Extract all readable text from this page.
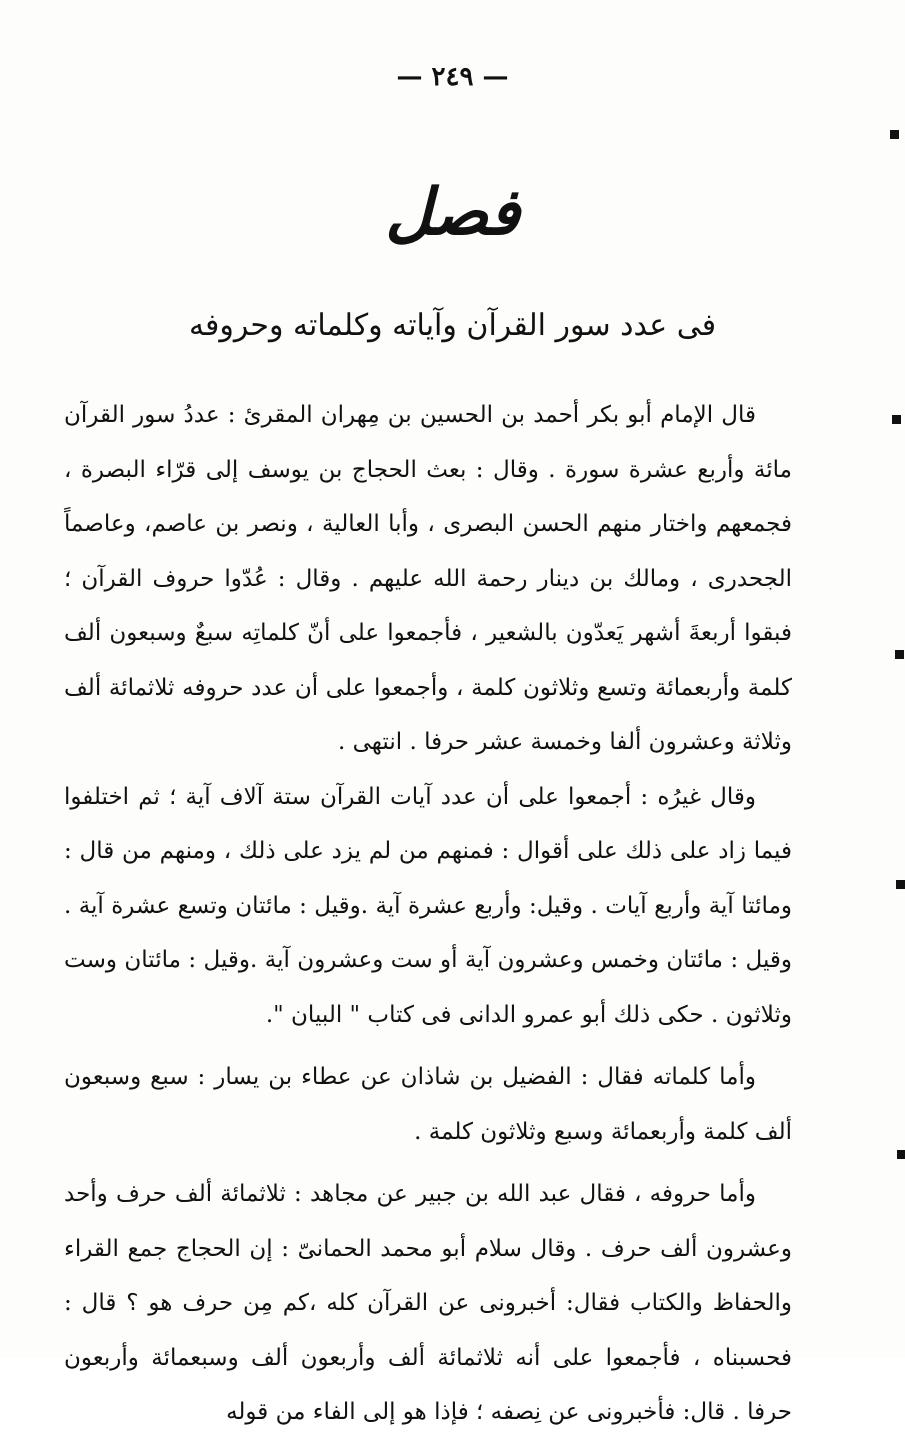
— ٢٤٩ —
فصل
فى عدد سور القرآن وآياته وكلماته وحروفه

قال الإمام أبو بكر أحمد بن الحسين بن مِهران المقرئ : عددُ سور القرآن مائة وأربع عشرة سورة . وقال : بعث الحجاج بن يوسف إلى قرّاء البصرة ، فجمعهم واختار منهم الحسن البصرى ، وأبا العالية ، ونصر بن عاصم، وعاصماً الجحدرى ، ومالك بن دينار رحمة الله عليهم . وقال : عُدّوا حروف القرآن ؛ فبقوا أربعةَ أشهر يَعدّون بالشعير ، فأجمعوا على أنّ كلماتِه سبعٌ وسبعون ألف كلمة وأربعمائة وتسع وثلاثون كلمة ، وأجمعوا على أن عدد حروفه ثلاثمائة ألف وثلاثة وعشرون ألفا وخمسة عشر حرفا . انتهى .

وقال غيرُه : أجمعوا على أن عدد آيات القرآن ستة آلاف آية ؛ ثم اختلفوا فيما زاد على ذلك على أقوال : فمنهم من لم يزد على ذلك ، ومنهم من قال : ومائتا آية وأربع آيات . وقيل: وأربع عشرة آية .وقيل : مائتان وتسع عشرة آية . وقيل : مائتان وخمس وعشرون آية أو ست وعشرون آية .وقيل : مائتان وست وثلاثون . حكى ذلك أبو عمرو الدانى فى كتاب " البيان ".

وأما كلماته فقال : الفضيل بن شاذان عن عطاء بن يسار : سبع وسبعون ألف كلمة وأربعمائة وسبع وثلاثون كلمة .

وأما حروفه ، فقال عبد الله بن جبير عن مجاهد : ثلاثمائة ألف حرف وأحد وعشرون ألف حرف . وقال سلام أبو محمد الحمانىّ : إن الحجاج جمع القراء والحفاظ والكتاب فقال: أخبرونى عن القرآن كله ،كم مِن حرف هو ؟ قال : فحسبناه ، فأجمعوا على أنه ثلاثمائة ألف وأربعون ألف وسبعمائة وأربعون حرفا . قال: فأخبرونى عن نِصفه ؛ فإذا هو إلى الفاء من قوله
